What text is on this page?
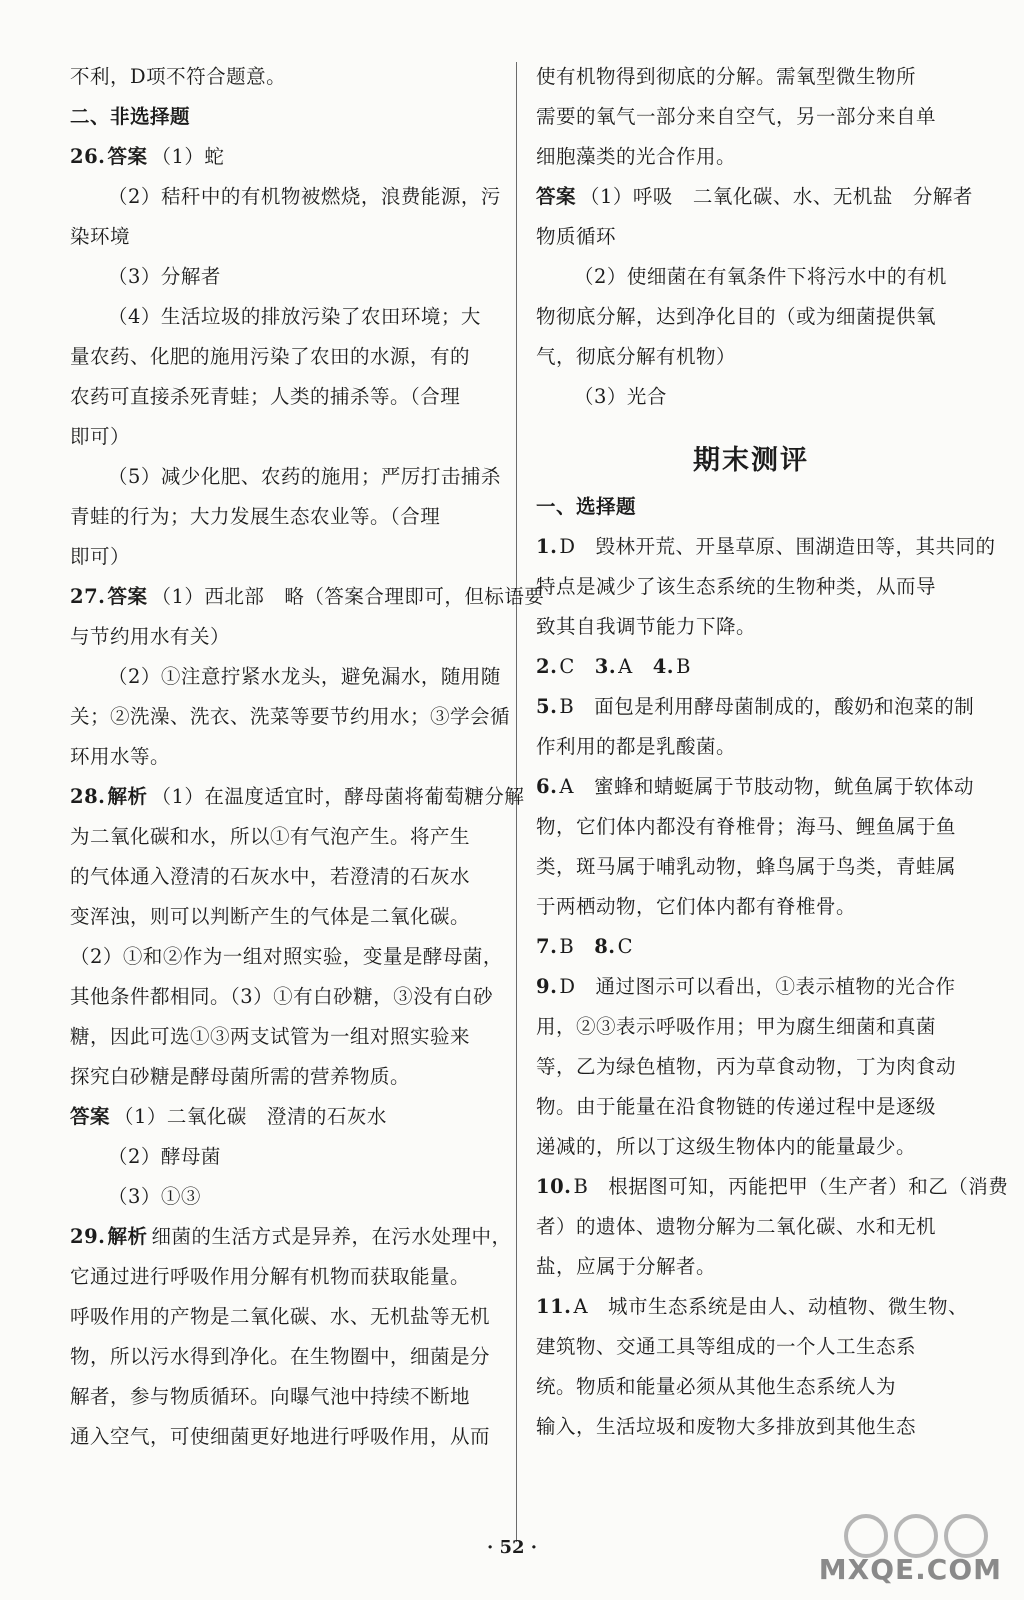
不利，D项不符合题意。
二、非选择题
26. 答案 （1）蛇
（2）秸秆中的有机物被燃烧，浪费能源，污
染环境
（3）分解者
（4）生活垃圾的排放污染了农田环境；大
量农药、化肥的施用污染了农田的水源，有的
农药可直接杀死青蛙；人类的捕杀等。（合理
即可）
（5）减少化肥、农药的施用；严厉打击捕杀
青蛙的行为；大力发展生态农业等。（合理
即可）
27. 答案 （1）西北部　略（答案合理即可，但标语要
与节约用水有关）
（2）①注意拧紧水龙头，避免漏水，随用随
关；②洗澡、洗衣、洗菜等要节约用水；③学会循
环用水等。
28. 解析 （1）在温度适宜时，酵母菌将葡萄糖分解
为二氧化碳和水，所以①有气泡产生。将产生
的气体通入澄清的石灰水中，若澄清的石灰水
变浑浊，则可以判断产生的气体是二氧化碳。
（2）①和②作为一组对照实验，变量是酵母菌，
其他条件都相同。（3）①有白砂糖，③没有白砂
糖，因此可选①③两支试管为一组对照实验来
探究白砂糖是酵母菌所需的营养物质。
答案 （1）二氧化碳　澄清的石灰水
（2）酵母菌
（3）①③
29. 解析 细菌的生活方式是异养，在污水处理中，
它通过进行呼吸作用分解有机物而获取能量。
呼吸作用的产物是二氧化碳、水、无机盐等无机
物，所以污水得到净化。在生物圈中，细菌是分
解者，参与物质循环。向曝气池中持续不断地
通入空气，可使细菌更好地进行呼吸作用，从而
使有机物得到彻底的分解。需氧型微生物所
需要的氧气一部分来自空气，另一部分来自单
细胞藻类的光合作用。
答案 （1）呼吸　二氧化碳、水、无机盐　分解者
物质循环
（2）使细菌在有氧条件下将污水中的有机
物彻底分解，达到净化目的（或为细菌提供氧
气，彻底分解有机物）
（3）光合
期末测评
一、选择题
1. D　毁林开荒、开垦草原、围湖造田等，其共同的
特点是减少了该生态系统的生物种类，从而导
致其自我调节能力下降。
2. C　 3. A　 4. B
5. B　面包是利用酵母菌制成的，酸奶和泡菜的制
作利用的都是乳酸菌。
6. A　蜜蜂和蜻蜓属于节肢动物，鱿鱼属于软体动
物，它们体内都没有脊椎骨；海马、鲤鱼属于鱼
类，斑马属于哺乳动物，蜂鸟属于鸟类，青蛙属
于两栖动物，它们体内都有脊椎骨。
7. B　 8. C
9. D　通过图示可以看出，①表示植物的光合作
用，②③表示呼吸作用；甲为腐生细菌和真菌
等，乙为绿色植物，丙为草食动物，丁为肉食动
物。由于能量在沿食物链的传递过程中是逐级
递减的，所以丁这级生物体内的能量最少。
10. B　根据图可知，丙能把甲（生产者）和乙（消费
者）的遗体、遗物分解为二氧化碳、水和无机
盐，应属于分解者。
11. A　城市生态系统是由人、动植物、微生物、
建筑物、交通工具等组成的一个人工生态系
统。物质和能量必须从其他生态系统人为
输入，生活垃圾和废物大多排放到其他生态
· 52 ·
MXQE.COM
